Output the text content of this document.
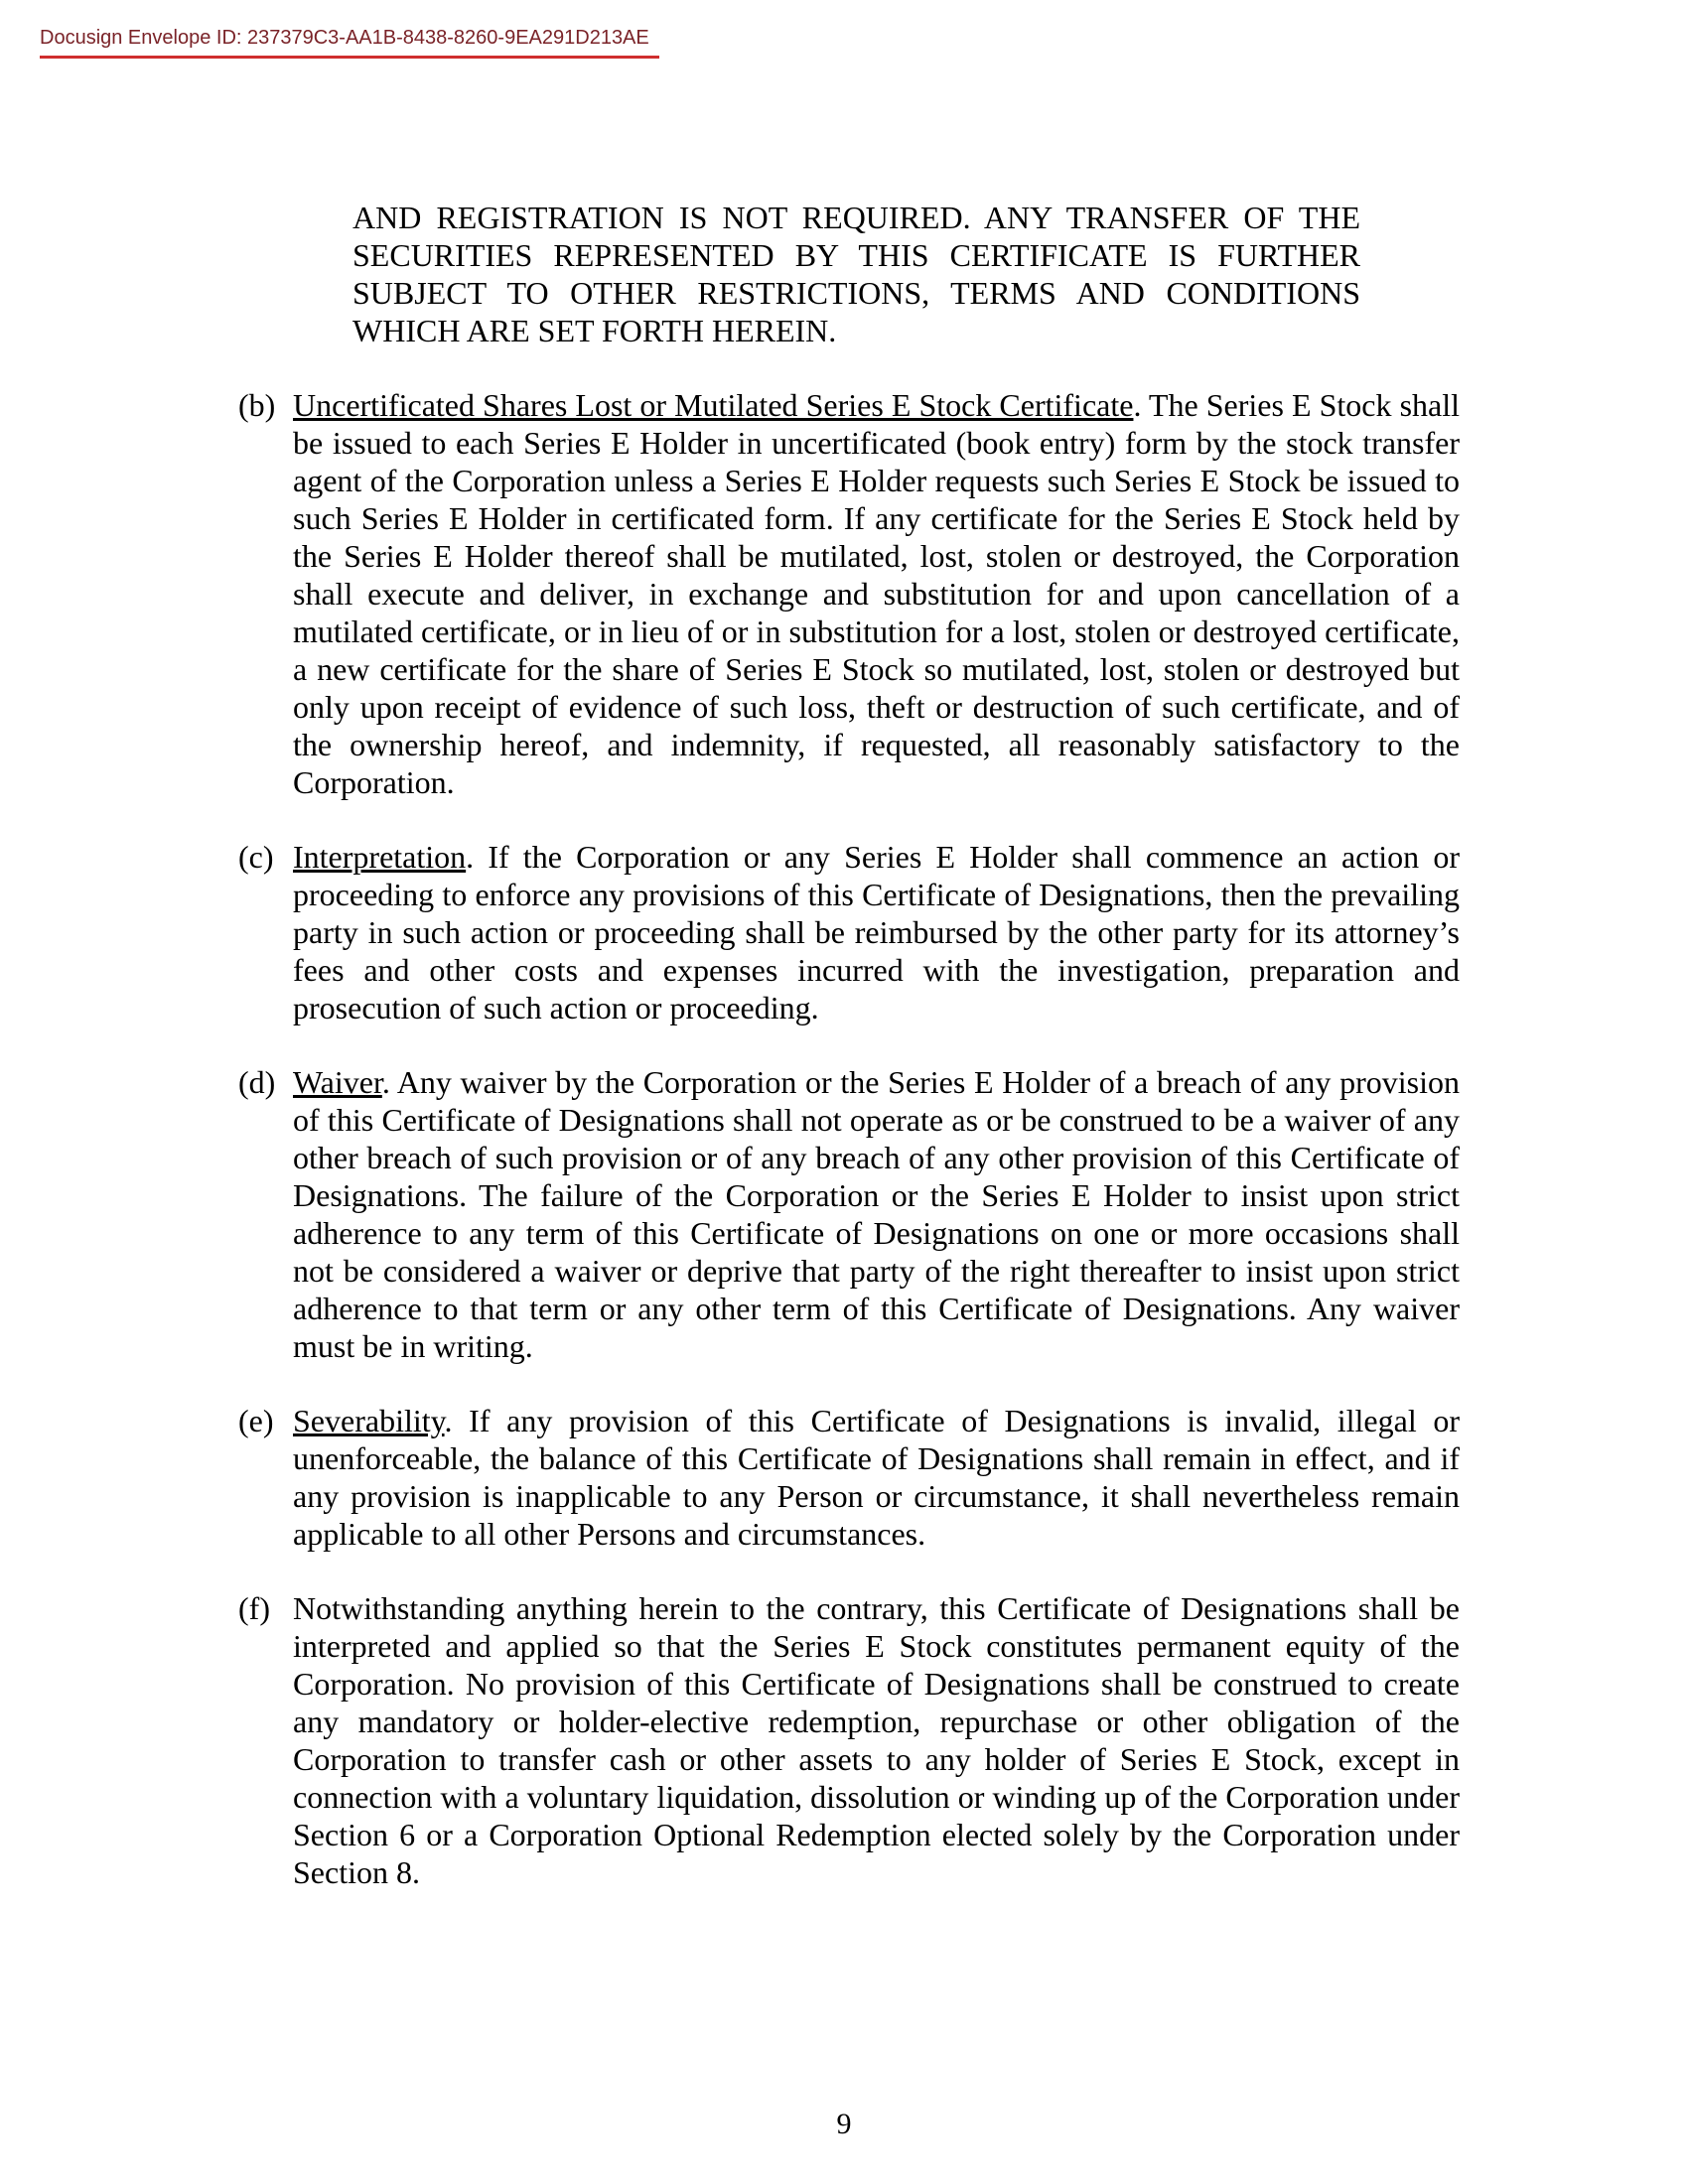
Docusign Envelope ID: 237379C3-AA1B-8438-8260-9EA291D213AE

AND REGISTRATION IS NOT REQUIRED. ANY TRANSFER OF THE SECURITIES REPRESENTED BY THIS CERTIFICATE IS FURTHER SUBJECT TO OTHER RESTRICTIONS, TERMS AND CONDITIONS WHICH ARE SET FORTH HEREIN.

(b) Uncertificated Shares Lost or Mutilated Series E Stock Certificate. The Series E Stock shall be issued to each Series E Holder in uncertificated (book entry) form by the stock transfer agent of the Corporation unless a Series E Holder requests such Series E Stock be issued to such Series E Holder in certificated form. If any certificate for the Series E Stock held by the Series E Holder thereof shall be mutilated, lost, stolen or destroyed, the Corporation shall execute and deliver, in exchange and substitution for and upon cancellation of a mutilated certificate, or in lieu of or in substitution for a lost, stolen or destroyed certificate, a new certificate for the share of Series E Stock so mutilated, lost, stolen or destroyed but only upon receipt of evidence of such loss, theft or destruction of such certificate, and of the ownership hereof, and indemnity, if requested, all reasonably satisfactory to the Corporation.

(c) Interpretation. If the Corporation or any Series E Holder shall commence an action or proceeding to enforce any provisions of this Certificate of Designations, then the prevailing party in such action or proceeding shall be reimbursed by the other party for its attorney’s fees and other costs and expenses incurred with the investigation, preparation and prosecution of such action or proceeding.

(d) Waiver. Any waiver by the Corporation or the Series E Holder of a breach of any provision of this Certificate of Designations shall not operate as or be construed to be a waiver of any other breach of such provision or of any breach of any other provision of this Certificate of Designations. The failure of the Corporation or the Series E Holder to insist upon strict adherence to any term of this Certificate of Designations on one or more occasions shall not be considered a waiver or deprive that party of the right thereafter to insist upon strict adherence to that term or any other term of this Certificate of Designations. Any waiver must be in writing.

(e) Severability. If any provision of this Certificate of Designations is invalid, illegal or unenforceable, the balance of this Certificate of Designations shall remain in effect, and if any provision is inapplicable to any Person or circumstance, it shall nevertheless remain applicable to all other Persons and circumstances.

(f) Notwithstanding anything herein to the contrary, this Certificate of Designations shall be interpreted and applied so that the Series E Stock constitutes permanent equity of the Corporation. No provision of this Certificate of Designations shall be construed to create any mandatory or holder-elective redemption, repurchase or other obligation of the Corporation to transfer cash or other assets to any holder of Series E Stock, except in connection with a voluntary liquidation, dissolution or winding up of the Corporation under Section 6 or a Corporation Optional Redemption elected solely by the Corporation under Section 8.

9
